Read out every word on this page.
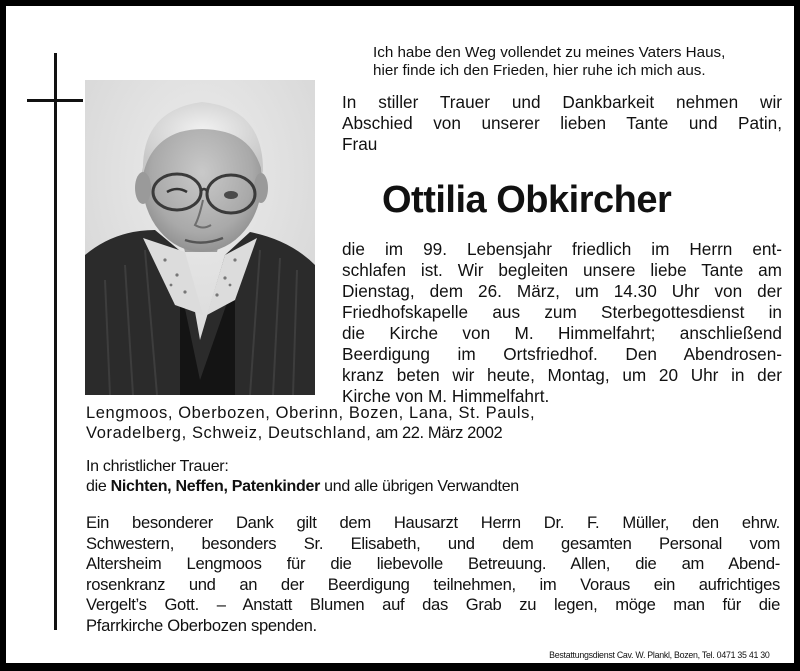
Ich habe den Weg vollendet zu meines Vaters Haus,
hier finde ich den Frieden, hier ruhe ich mich aus.
In stiller Trauer und Dankbarkeit nehmen wir
Abschied von unserer lieben Tante und Patin,
Frau
Ottilia Obkircher
die im 99. Lebensjahr friedlich im Herrn ent-
schlafen ist. Wir begleiten unsere liebe Tante am
Dienstag, dem 26. März, um 14.30 Uhr von der
Friedhofskapelle aus zum Sterbegottesdienst in
die Kirche von M. Himmelfahrt; anschließend
Beerdigung im Ortsfriedhof. Den Abendrosen-
kranz beten wir heute, Montag, um 20 Uhr in der
Kirche von M. Himmelfahrt.
Lengmoos, Oberbozen, Oberinn, Bozen, Lana, St. Pauls,
Voradelberg, Schweiz, Deutschland, am 22. März 2002
In christlicher Trauer:
die Nichten, Neffen, Patenkinder und alle übrigen Verwandten
Ein besonderer Dank gilt dem Hausarzt Herrn Dr. F. Müller, den ehrw.
Schwestern, besonders Sr. Elisabeth, und dem gesamten Personal vom
Altersheim Lengmoos für die liebevolle Betreuung. Allen, die am Abend-
rosenkranz und an der Beerdigung teilnehmen, im Voraus ein aufrichtiges
Vergelt’s Gott. – Anstatt Blumen auf das Grab zu legen, möge man für die
Pfarrkirche Oberbozen spenden.
Bestattungsdienst Cav. W. Plankl, Bozen, Tel. 0471 35 41 30
